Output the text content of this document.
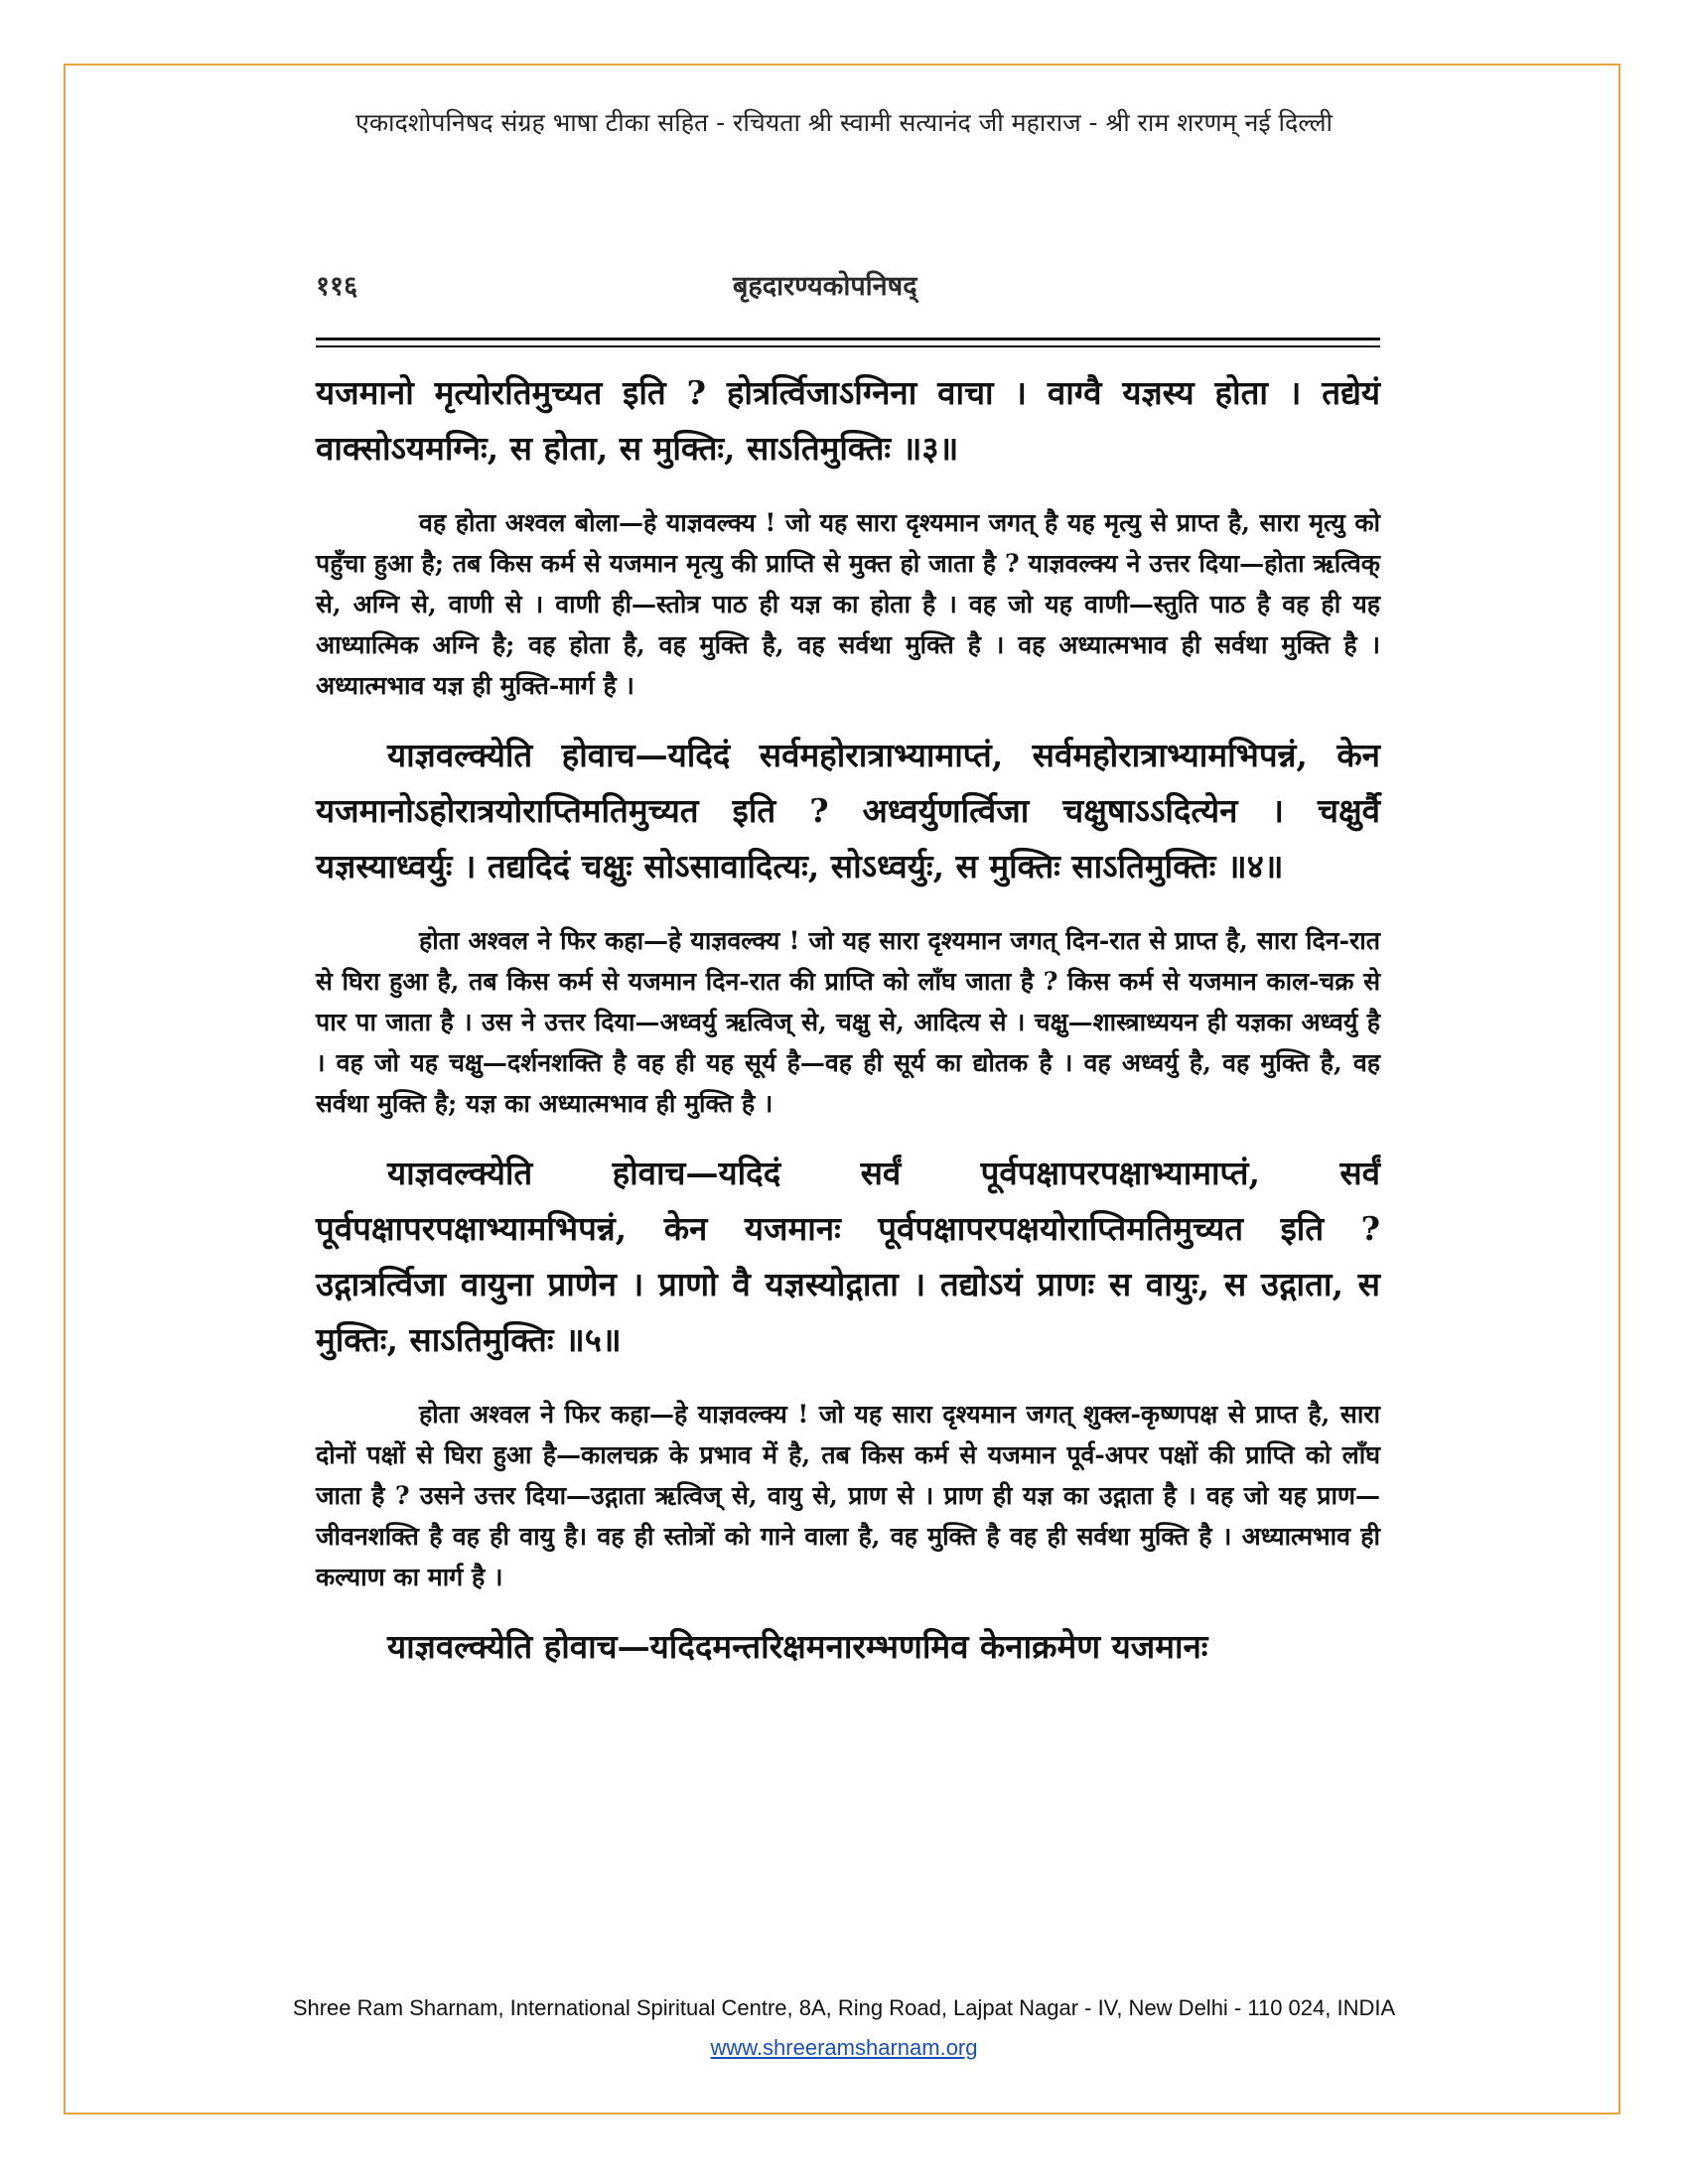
एकादशोपनिषद संग्रह भाषा टीका सहित - रचियता श्री स्वामी सत्यानंद जी महाराज - श्री राम शरणम् नई दिल्ली
११६	बृहदारण्यकोपनिषद्

यजमानो मृत्योरतिमुच्यत इति ? होत्रर्त्विजाऽग्निना वाचा । वाग्वै यज्ञस्य होता । तद्येयं वाक्सोऽयमग्निः, स होता, स मुक्तिः, साऽतिमुक्तिः ॥३॥

वह होता अश्वल बोला—हे याज्ञवल्क्य ! जो यह सारा दृश्यमान जगत् है यह मृत्यु से प्राप्त है, सारा मृत्यु को पहुँचा हुआ है; तब किस कर्म से यजमान मृत्यु की प्राप्ति से मुक्त हो जाता है ? याज्ञवल्क्य ने उत्तर दिया—होता ऋत्विक् से, अग्नि से, वाणी से । वाणी ही—स्तोत्र पाठ ही यज्ञ का होता है । वह जो यह वाणी—स्तुति पाठ है वह ही यह आध्यात्मिक अग्नि है; वह होता है, वह मुक्ति है, वह सर्वथा मुक्ति है । वह अध्यात्मभाव ही सर्वथा मुक्ति है । अध्यात्मभाव यज्ञ ही मुक्ति-मार्ग है ।

याज्ञवल्क्येति होवाच—यदिदं सर्वमहोरात्राभ्यामाप्तं, सर्वमहोरात्राभ्यामभिपन्नं, केन यजमानोऽहोरात्रयोराप्तिमतिमुच्यत इति ? अध्वर्युणर्त्विजा चक्षुषाऽऽदित्येन । चक्षुर्वै यज्ञस्याध्वर्युः । तद्यदिदं चक्षुः सोऽसावादित्यः, सोऽध्वर्युः, स मुक्तिः साऽतिमुक्तिः ॥४॥

होता अश्वल ने फिर कहा—हे याज्ञवल्क्य ! जो यह सारा दृश्यमान जगत् दिन-रात से प्राप्त है, सारा दिन-रात से घिरा हुआ है, तब किस कर्म से यजमान दिन-रात की प्राप्ति को लाँघ जाता है ? किस कर्म से यजमान काल-चक्र से पार पा जाता है । उस ने उत्तर दिया—अध्वर्यु ऋत्विज् से, चक्षु से, आदित्य से । चक्षु—शास्त्राध्ययन ही यज्ञका अध्वर्यु है । वह जो यह चक्षु—दर्शनशक्ति है वह ही यह सूर्य है—वह ही सूर्य का द्योतक है । वह अध्वर्यु है, वह मुक्ति है, वह सर्वथा मुक्ति है; यज्ञ का अध्यात्मभाव ही मुक्ति है ।

याज्ञवल्क्येति होवाच—यदिदं सर्वं पूर्वपक्षापरपक्षाभ्यामाप्तं, सर्वं पूर्वपक्षापरपक्षाभ्यामभिपन्नं, केन यजमानः पूर्वपक्षापरपक्षयोराप्तिमतिमुच्यत इति ? उद्गात्रर्त्विजा वायुना प्राणेन । प्राणो वै यज्ञस्योद्गाता । तद्योऽयं प्राणः स वायुः, स उद्गाता, स मुक्तिः, साऽतिमुक्तिः ॥५॥

होता अश्वल ने फिर कहा—हे याज्ञवल्क्य ! जो यह सारा दृश्यमान जगत् शुक्ल-कृष्णपक्ष से प्राप्त है, सारा दोनों पक्षों से घिरा हुआ है—कालचक्र के प्रभाव में है, तब किस कर्म से यजमान पूर्व-अपर पक्षों की प्राप्ति को लाँघ जाता है ? उसने उत्तर दिया—उद्गाता ऋत्विज् से, वायु से, प्राण से । प्राण ही यज्ञ का उद्गाता है । वह जो यह प्राण—जीवनशक्ति है वह ही वायु है। वह ही स्तोत्रों को गाने वाला है, वह मुक्ति है वह ही सर्वथा मुक्ति है । अध्यात्मभाव ही कल्याण का मार्ग है ।

याज्ञवल्क्येति होवाच—यदिदमन्तरिक्षमनारम्भणमिव केनाक्रमेण यजमानः

Shree Ram Sharnam, International Spiritual Centre, 8A, Ring Road, Lajpat Nagar - IV, New Delhi - 110 024, INDIA
www.shreeramsharnam.org
